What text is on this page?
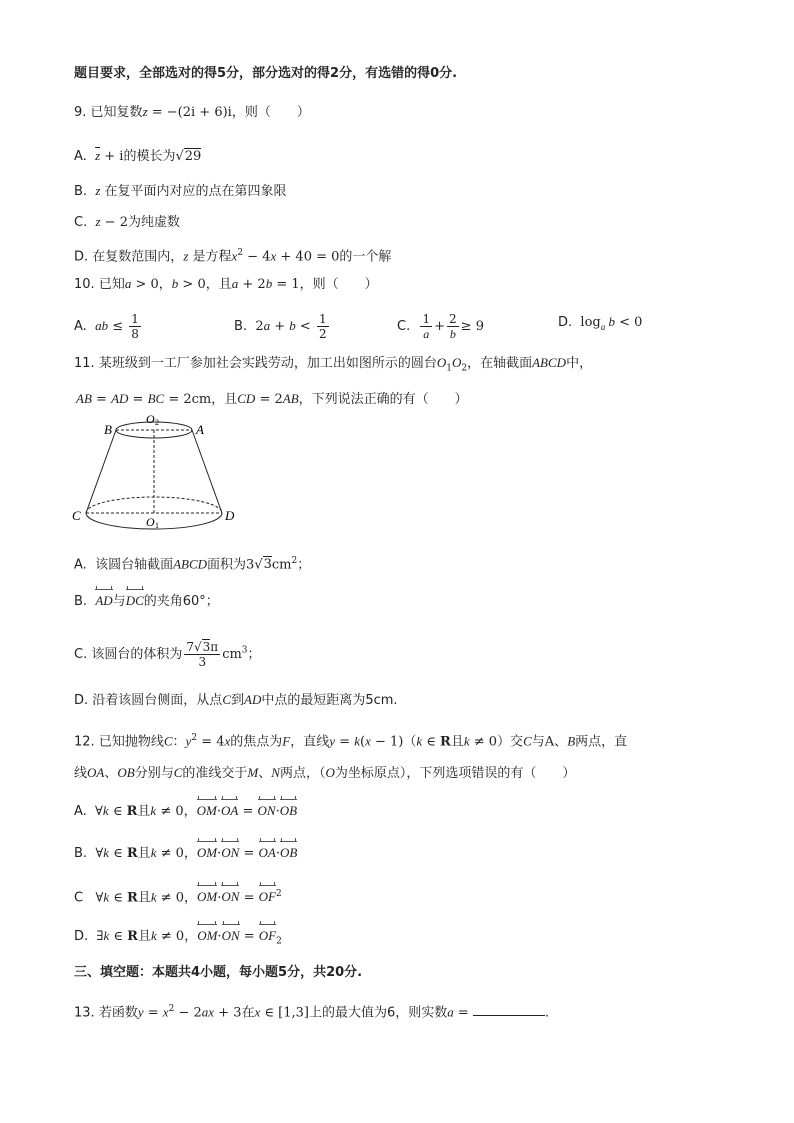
题目要求，全部选对的得5分，部分选对的得2分，有选错的得0分.
9. 已知复数z = −(2i + 6)i，则（　　）
A. $\overline{z} + i$的模长为√29
B. z 在复平面内对应的点在第四象限
C. z − 2为纯虚数
D. 在复数范围内，z 是方程$x^2 - 4x + 40 = 0$的一个解
10. 已知a > 0，b > 0，且a + 2b = 1，则（　　）
A. ab ≤ $\frac{1}{8}$	B.  $2a + b < \frac{1}{2}$	C. $\frac{1}{a} + \frac{2}{b} \ge 9$	D.  $\log_a b < 0$
11. 某班级到一工厂参加社会实践劳动，加工出如图所示的圆台$O_1O_2$，在轴截面ABCD中，
AB = AD = BC = 2cm，且CD = 2AB，下列说法正确的有（　　）
B	A
C	D
O 2
O 1
A. 该圆台轴截面ABCD面积为$3√3cm^2$；
B. AD与DC的夹角60°；
C. 该圆台的体积为 $\frac{7√3\pi}{3} cm^3$；
D. 沿着该圆台侧面，从点C到AD中点的最短距离为5cm.
12. 已知抛物线C：$y^2 = 4x$的焦点为F，直线y = k(x − 1)（k ∈ R且k ≠ 0）交C与A、B两点，直
线OA、OB分别与C的准线交于M、N两点，（O为坐标原点），下列选项错误的有（　　）
A.  ∀k ∈ R且k ≠ 0，OM·OA = ON·OB
B.  ∀k ∈ R且k ≠ 0，OM·ON = OA·OB
C   ∀k ∈ R且k ≠ 0，$OM\cdot ON = OF^2$
D.  ∃k ∈ R且k ≠ 0，$OM\cdot ON = OF_2$
三、填空题：本题共4小题，每小题5分，共20分.
13. 若函数$y = x^2 - 2ax + 3$在x ∈ [1,3]上的最大值为6，则实数a =	.
